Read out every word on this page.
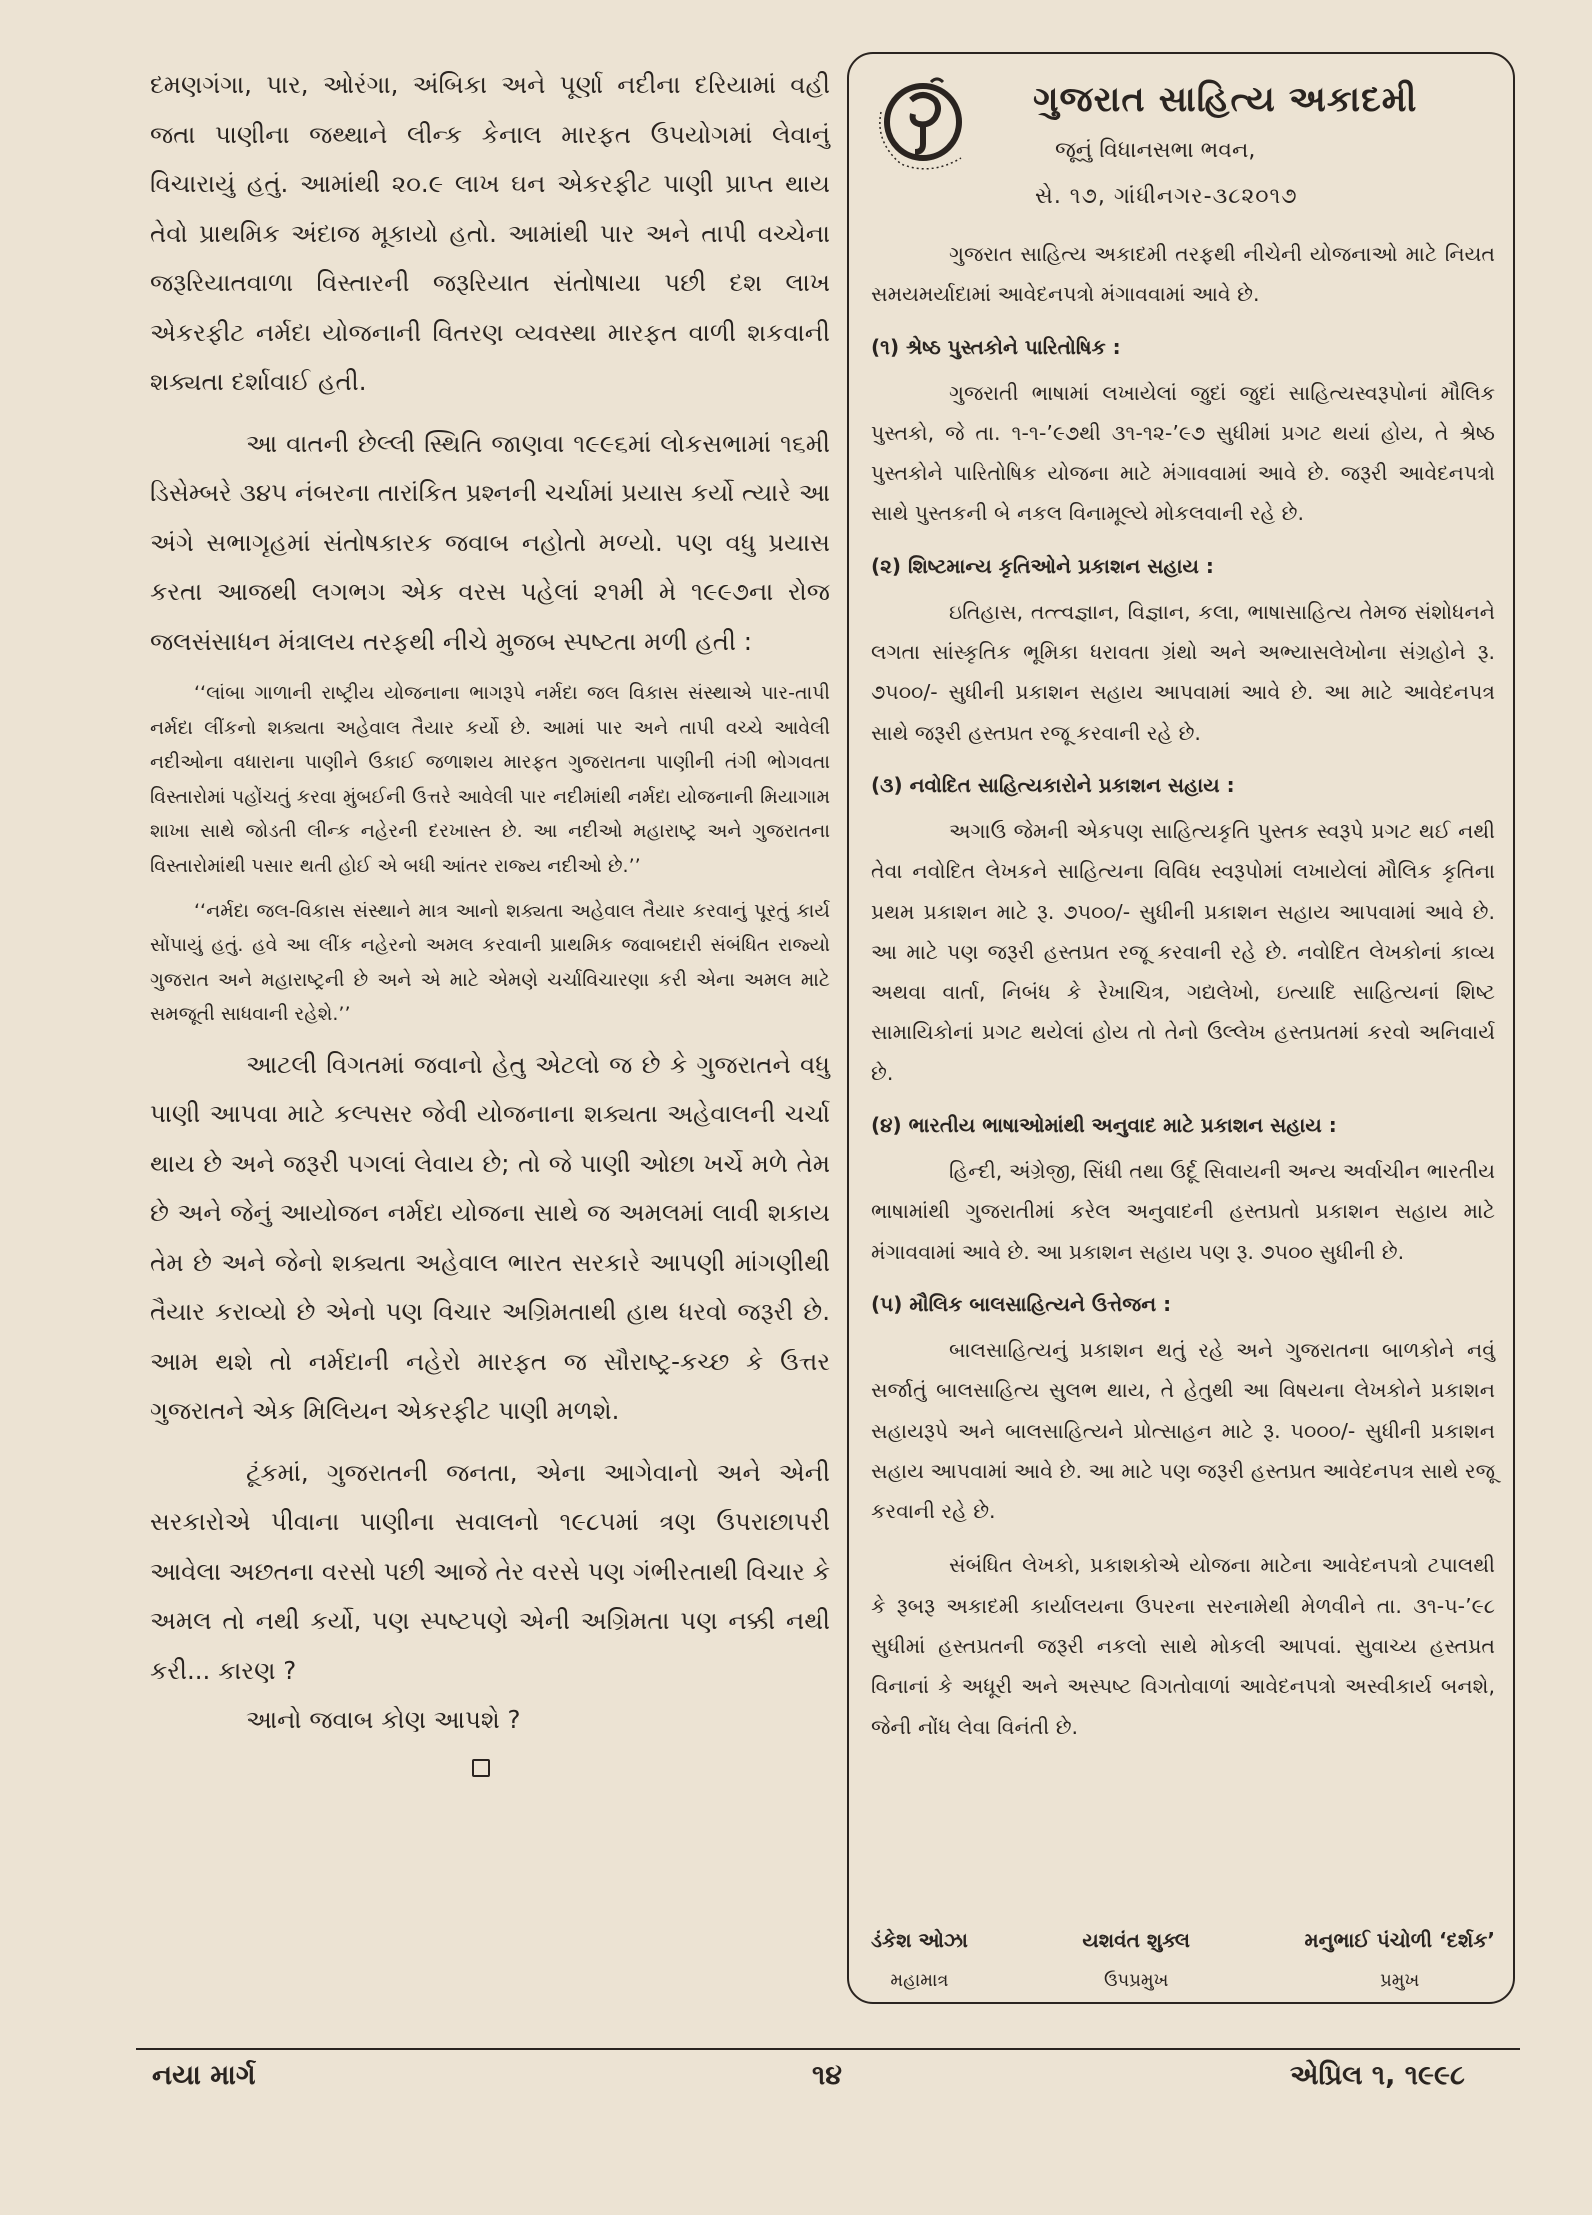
દમણગંગા, પાર, ઓરંગા, અંબિકા અને પૂર્ણા નદીના દરિયામાં વહી જતા પાણીના જથ્થાને લીન્ક કેનાલ મારફત ઉપયોગમાં લેવાનું વિચારાયું હતું. આમાંથી ૨૦.૯ લાખ ઘન એકરફીટ પાણી પ્રાપ્ત થાય તેવો પ્રાથમિક અંદાજ મૂકાયો હતો. આમાંથી પાર અને તાપી વચ્ચેના જરૂરિયાતવાળા વિસ્તારની જરૂરિયાત સંતોષાયા પછી દશ લાખ એકરફીટ નર્મદા યોજનાની વિતરણ વ્યવસ્થા મારફત વાળી શકવાની શક્યતા દર્શાવાઈ હતી.

આ વાતની છેલ્લી સ્થિતિ જાણવા ૧૯૯૬માં લોકસભામાં ૧૬મી ડિસેમ્બરે ૩૪૫ નંબરના તારાંકિત પ્રશ્નની ચર્ચામાં પ્રયાસ કર્યો ત્યારે આ અંગે સભાગૃહમાં સંતોષકારક જવાબ નહોતો મળ્યો. પણ વધુ પ્રયાસ કરતા આજથી લગભગ એક વરસ પહેલાં ૨૧મી મે ૧૯૯૭ના રોજ જલસંસાધન મંત્રાલય તરફથી નીચે મુજબ સ્પષ્ટતા મળી હતી :

‘‘લાંબા ગાળાની રાષ્ટ્રીય યોજનાના ભાગરૂપે નર્મદા જલ વિકાસ સંસ્થાએ પાર-તાપી નર્મદા લીંકનો શક્યતા અહેવાલ તૈયાર કર્યો છે. આમાં પાર અને તાપી વચ્ચે આવેલી નદીઓના વધારાના પાણીને ઉકાઈ જળાશય મારફત ગુજરાતના પાણીની તંગી ભોગવતા વિસ્તારોમાં પહોંચતું કરવા મુંબઈની ઉત્તરે આવેલી પાર નદીમાંથી નર્મદા યોજનાની મિયાગામ શાખા સાથે જોડતી લીન્ક નહેરની દરખાસ્ત છે. આ નદીઓ મહારાષ્ટ્ર અને ગુજરાતના વિસ્તારોમાંથી પસાર થતી હોઈ એ બધી આંતર રાજ્ય નદીઓ છે.’’

‘‘નર્મદા જલ-વિકાસ સંસ્થાને માત્ર આનો શક્યતા અહેવાલ તૈયાર કરવાનું પૂરતું કાર્ય સોંપાયું હતું. હવે આ લીંક નહેરનો અમલ કરવાની પ્રાથમિક જવાબદારી સંબંધિત રાજ્યો ગુજરાત અને મહારાષ્ટ્રની છે અને એ માટે એમણે ચર્ચાવિચારણા કરી એના અમલ માટે સમજૂતી સાધવાની રહેશે.’’

આટલી વિગતમાં જવાનો હેતુ એટલો જ છે કે ગુજરાતને વધુ પાણી આપવા માટે કલ્પસર જેવી યોજનાના શક્યતા અહેવાલની ચર્ચા થાય છે અને જરૂરી પગલાં લેવાય છે; તો જે પાણી ઓછા ખર્ચે મળે તેમ છે અને જેનું આયોજન નર્મદા યોજના સાથે જ અમલમાં લાવી શકાય તેમ છે અને જેનો શક્યતા અહેવાલ ભારત સરકારે આપણી માંગણીથી તૈયાર કરાવ્યો છે એનો પણ વિચાર અગ્રિમતાથી હાથ ધરવો જરૂરી છે. આમ થશે તો નર્મદાની નહેરો મારફત જ સૌરાષ્ટ્ર-કચ્છ કે ઉત્તર ગુજરાતને એક મિલિયન એકરફીટ પાણી મળશે.

ટૂંકમાં, ગુજરાતની જનતા, એના આગેવાનો અને એની સરકારોએ પીવાના પાણીના સવાલનો ૧૯૮૫માં ત્રણ ઉપરાછાપરી આવેલા અછતના વરસો પછી આજે તેર વરસે પણ ગંભીરતાથી વિચાર કે અમલ તો નથી કર્યો, પણ સ્પષ્ટપણે એની અગ્રિમતા પણ નક્કી નથી કરી... કારણ ?

આનો જવાબ કોણ આપશે ?

ગુજરાત સાહિત્ય અકાદમી
જૂનું વિધાનસભા ભવન,
સે. ૧૭, ગાંધીનગર-૩૮૨૦૧૭

ગુજરાત સાહિત્ય અકાદમી તરફથી નીચેની યોજનાઓ માટે નિયત સમયમર્યાદામાં આવેદનપત્રો મંગાવવામાં આવે છે.

(૧) શ્રેષ્ઠ પુસ્તકોને પારિતોષિક :

ગુજરાતી ભાષામાં લખાયેલાં જુદાં જુદાં સાહિત્યસ્વરૂપોનાં મૌલિક પુસ્તકો, જે તા. ૧-૧-’૯૭થી ૩૧-૧૨-’૯૭ સુધીમાં પ્રગટ થયાં હોય, તે શ્રેષ્ઠ પુસ્તકોને પારિતોષિક યોજના માટે મંગાવવામાં આવે છે. જરૂરી આવેદનપત્રો સાથે પુસ્તકની બે નકલ વિનામૂલ્યે મોકલવાની રહે છે.

(૨) શિષ્ટમાન્ય કૃતિઓને પ્રકાશન સહાય :

ઇતિહાસ, તત્ત્વજ્ઞાન, વિજ્ઞાન, કલા, ભાષાસાહિત્ય તેમજ સંશોધનને લગતા સાંસ્કૃતિક ભૂમિકા ધરાવતા ગ્રંથો અને અભ્યાસલેખોના સંગ્રહોને રૂ. ૭૫૦૦/- સુધીની પ્રકાશન સહાય આપવામાં આવે છે. આ માટે આવેદનપત્ર સાથે જરૂરી હસ્તપ્રત રજૂ કરવાની રહે છે.

(૩) નવોદિત સાહિત્યકારોને પ્રકાશન સહાય :

અગાઉ જેમની એકપણ સાહિત્યકૃતિ પુસ્તક સ્વરૂપે પ્રગટ થઈ નથી તેવા નવોદિત લેખકને સાહિત્યના વિવિધ સ્વરૂપોમાં લખાયેલાં મૌલિક કૃતિના પ્રથમ પ્રકાશન માટે રૂ. ૭૫૦૦/- સુધીની પ્રકાશન સહાય આપવામાં આવે છે. આ માટે પણ જરૂરી હસ્તપ્રત રજૂ કરવાની રહે છે. નવોદિત લેખકોનાં કાવ્ય અથવા વાર્તા, નિબંધ કે રેખાચિત્ર, ગદ્યલેખો, ઇત્યાદિ સાહિત્યનાં શિષ્ટ સામાયિકોનાં પ્રગટ થયેલાં હોય તો તેનો ઉલ્લેખ હસ્તપ્રતમાં કરવો અનિવાર્ય છે.

(૪) ભારતીય ભાષાઓમાંથી અનુવાદ માટે પ્રકાશન સહાય :

હિન્દી, અંગ્રેજી, સિંધી તથા ઉર્દૂ સિવાયની અન્ય અર્વાચીન ભારતીય ભાષામાંથી ગુજરાતીમાં કરેલ અનુવાદની હસ્તપ્રતો પ્રકાશન સહાય માટે મંગાવવામાં આવે છે. આ પ્રકાશન સહાય પણ રૂ. ૭૫૦૦ સુધીની છે.

(૫) મૌલિક બાલસાહિત્યને ઉત્તેજન :

બાલસાહિત્યનું પ્રકાશન થતું રહે અને ગુજરાતના બાળકોને નવું સર્જાતું બાલસાહિત્ય સુલભ થાય, તે હેતુથી આ વિષયના લેખકોને પ્રકાશન સહાયરૂપે અને બાલસાહિત્યને પ્રોત્સાહન માટે રૂ. ૫૦૦૦/- સુધીની પ્રકાશન સહાય આપવામાં આવે છે. આ માટે પણ જરૂરી હસ્તપ્રત આવેદનપત્ર સાથે રજૂ કરવાની રહે છે.

સંબંધિત લેખકો, પ્રકાશકોએ યોજના માટેના આવેદનપત્રો ટપાલથી કે રૂબરૂ અકાદમી કાર્યાલયના ઉપરના સરનામેથી મેળવીને તા. ૩૧-૫-’૯૮ સુધીમાં હસ્તપ્રતની જરૂરી નકલો સાથે મોકલી આપવાં. સુવાચ્ય હસ્તપ્રત વિનાનાં કે અધૂરી અને અસ્પષ્ટ વિગતોવાળાં આવેદનપત્રો અસ્વીકાર્ય બનશે, જેની નોંધ લેવા વિનંતી છે.

ડંકેશ ઓઝા
મહામાત્ર
યશવંત શુક્લ
ઉપપ્રમુખ
મનુભાઈ પંચોળી ‘દર્શક’
પ્રમુખ
નયા માર્ગ	૧૪	એપ્રિલ ૧, ૧૯૯૮
